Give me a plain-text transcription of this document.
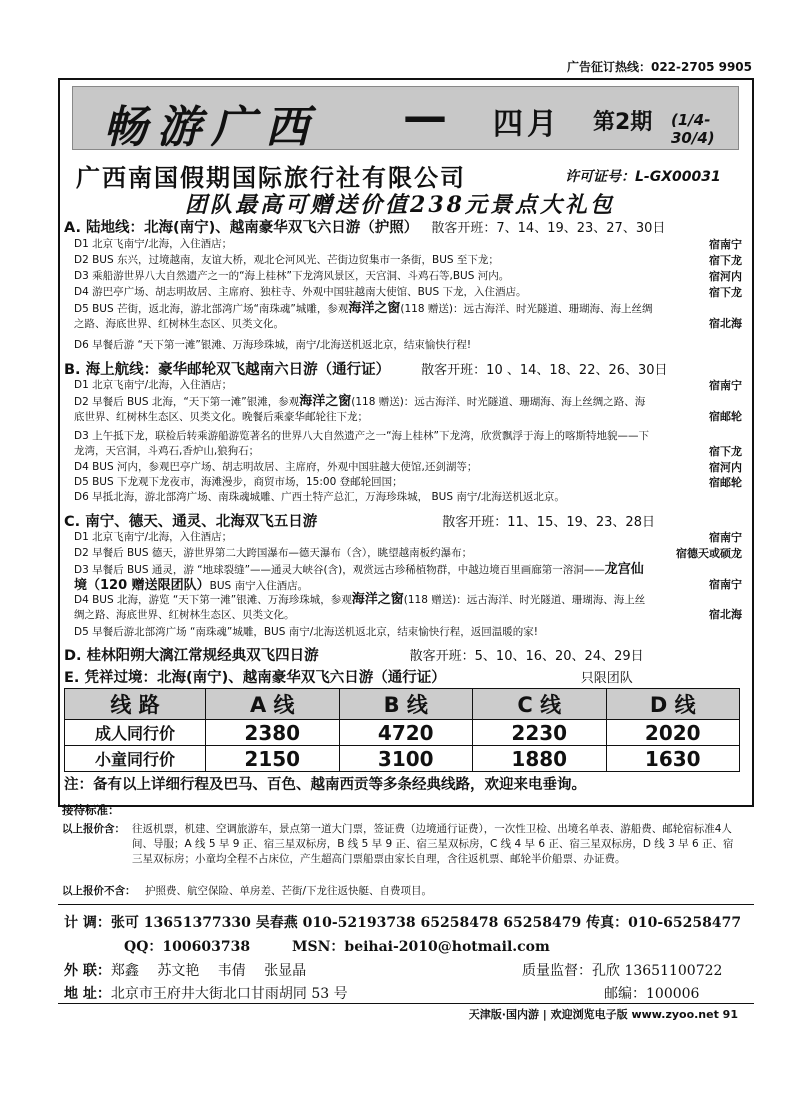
广告征订热线：022-2705 9905
畅游广西 — 四月 第2期 (1/4-30/4)
广西南国假期国际旅行社有限公司	许可证号：L-GX00031
团队最高可赠送价值238元景点大礼包
A. 陆地线：北海(南宁)、越南豪华双飞六日游（护照） 散客开班：7、14、19、23、27、30日
D1 北京飞南宁/北海，入住酒店；	宿南宁
D2 BUS 东兴，过境越南，友谊大桥，观北仑河风光、芒街边贸集市一条街，BUS 至下龙；	宿下龙
D3 乘船游世界八大自然遗产之一的“海上桂林”下龙湾风景区，天宫洞、斗鸡石等,BUS 河内。	宿河内
D4 游巴亭广场、胡志明故居、主席府、独柱寺、外观中国驻越南大使馆、BUS 下龙，入住酒店。	宿下龙
D5 BUS 芒街，返北海，游北部湾广场“南珠魂”城雕，参观海洋之窗(118 赠送)：远古海洋、时光隧道、珊瑚海、海上丝绸之路、海底世界、红树林生态区、贝类文化。	宿北海
D6 早餐后游 “天下第一滩”银滩、万海珍珠城，南宁/北海送机返北京，结束愉快行程!
B. 海上航线：豪华邮轮双飞越南六日游（通行证） 散客开班：10 、14、18、22、26、30日
D1 北京飞南宁/北海，入住酒店；	宿南宁
D2 早餐后 BUS 北海，“天下第一滩”银滩，参观海洋之窗(118 赠送)：远古海洋、时光隧道、珊瑚海、海上丝绸之路、海底世界、红树林生态区、贝类文化。晚餐后乘豪华邮轮往下龙；	宿邮轮
D3 上午抵下龙，联检后转乘游船游览著名的世界八大自然遗产之一“海上桂林”下龙湾，欣赏飘浮于海上的喀斯特地貌——下龙湾，天宫洞，斗鸡石,香炉山,狼狗石；	宿下龙
D4 BUS 河内，参观巴亭广场、胡志明故居、主席府，外观中国驻越大使馆,还剑湖等；	宿河内
D5 BUS 下龙观下龙夜市，海滩漫步，商贸市场，15:00 登邮轮回国；	宿邮轮
D6 早抵北海，游北部湾广场、南珠魂城雕、广西土特产总汇，万海珍珠城， BUS 南宁/北海送机返北京。
C. 南宁、德天、通灵、北海双飞五日游	散客开班：11、15、19、23、28日
D1 北京飞南宁/北海，入住酒店；	宿南宁
D2 早餐后 BUS 德天，游世界第二大跨国瀑布—德天瀑布（含），眺望越南板约瀑布；	宿德天或硕龙
D3 早餐后 BUS 通灵，游 “地球裂缝”——通灵大峡谷(含)，观赏远古珍稀植物群，中越边境百里画廊第一溶洞——龙宫仙境（120 赠送限团队）BUS 南宁入住酒店。	宿南宁
D4 BUS 北海，游览 “天下第一滩”银滩、万海珍珠城，参观海洋之窗(118 赠送)：远古海洋、时光隧道、珊瑚海、海上丝绸之路、海底世界、红树林生态区、贝类文化。	宿北海
D5 早餐后游北部湾广场 “南珠魂”城雕，BUS 南宁/北海送机返北京，结束愉快行程，返回温暖的家!
D. 桂林阳朔大漓江常规经典双飞四日游	散客开班：5、10、16、20、24、29日
E. 凭祥过境：北海(南宁)、越南豪华双飞六日游（通行证）	只限团队
线 路	A 线	B 线	C 线	D 线
成人同行价	2380	4720	2230	2020
小童同行价	2150	3100	1880	1630
注：备有以上详细行程及巴马、百色、越南西贡等多条经典线路，欢迎来电垂询。
接待标准：
以上报价含： 往返机票，机建、空调旅游车，景点第一道大门票，签证费（边境通行证费），一次性卫检、出境名单表、游船费、邮轮宿标准4人间、导服；A 线 5 早 9 正、宿三星双标房，B 线 5 早 9 正、宿三星双标房，C 线 4 早 6 正、宿三星双标房，D 线 3 早 6 正、宿三星双标房；小童均全程不占床位，产生超高门票船票由家长自理，含往返机票、邮轮半价船票、办证费。
以上报价不含： 护照费、航空保险、单房差、芒街/下龙往返快艇、自费项目。
计 调：张可 13651377330 吴春燕 010-52193738 65258478 65258479 传真：010-65258477
QQ：100603738	MSN：beihai-2010@hotmail.com
外 联：郑鑫 苏文艳 韦倩 张显晶	质量监督：孔欣 13651100722
地 址：北京市王府井大街北口甘雨胡同 53 号	邮编：100006
天津版·国内游 | 欢迎浏览电子版 www.zyoo.net 91
